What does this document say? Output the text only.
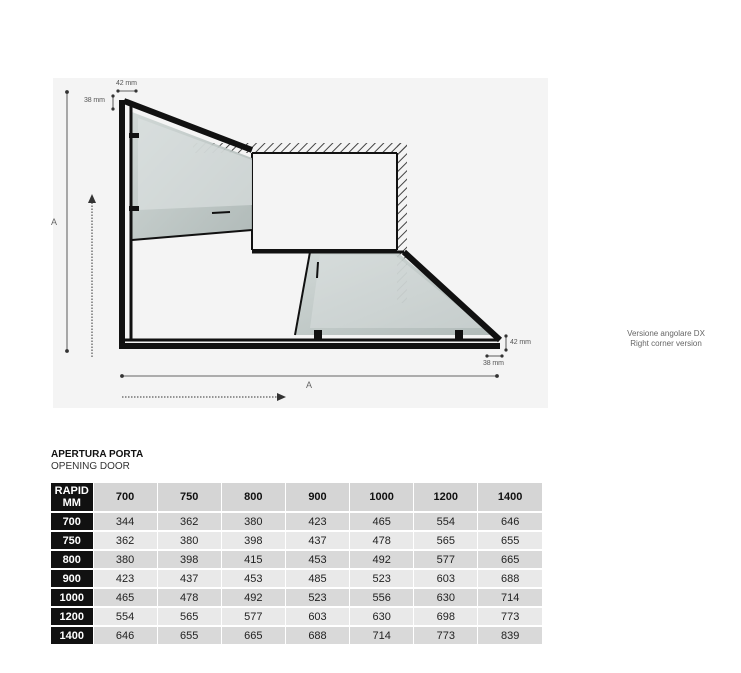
42 mm
38 mm
42 mm
38 mm
A
A
Versione angolare DX
Right corner version
APERTURA PORTA
OPENING DOOR
RAPID
MM	700	750	800	900	1000	1200	1400
700	344	362	380	423	465	554	646
750	362	380	398	437	478	565	655
800	380	398	415	453	492	577	665
900	423	437	453	485	523	603	688
1000	465	478	492	523	556	630	714
1200	554	565	577	603	630	698	773
1400	646	655	665	688	714	773	839
